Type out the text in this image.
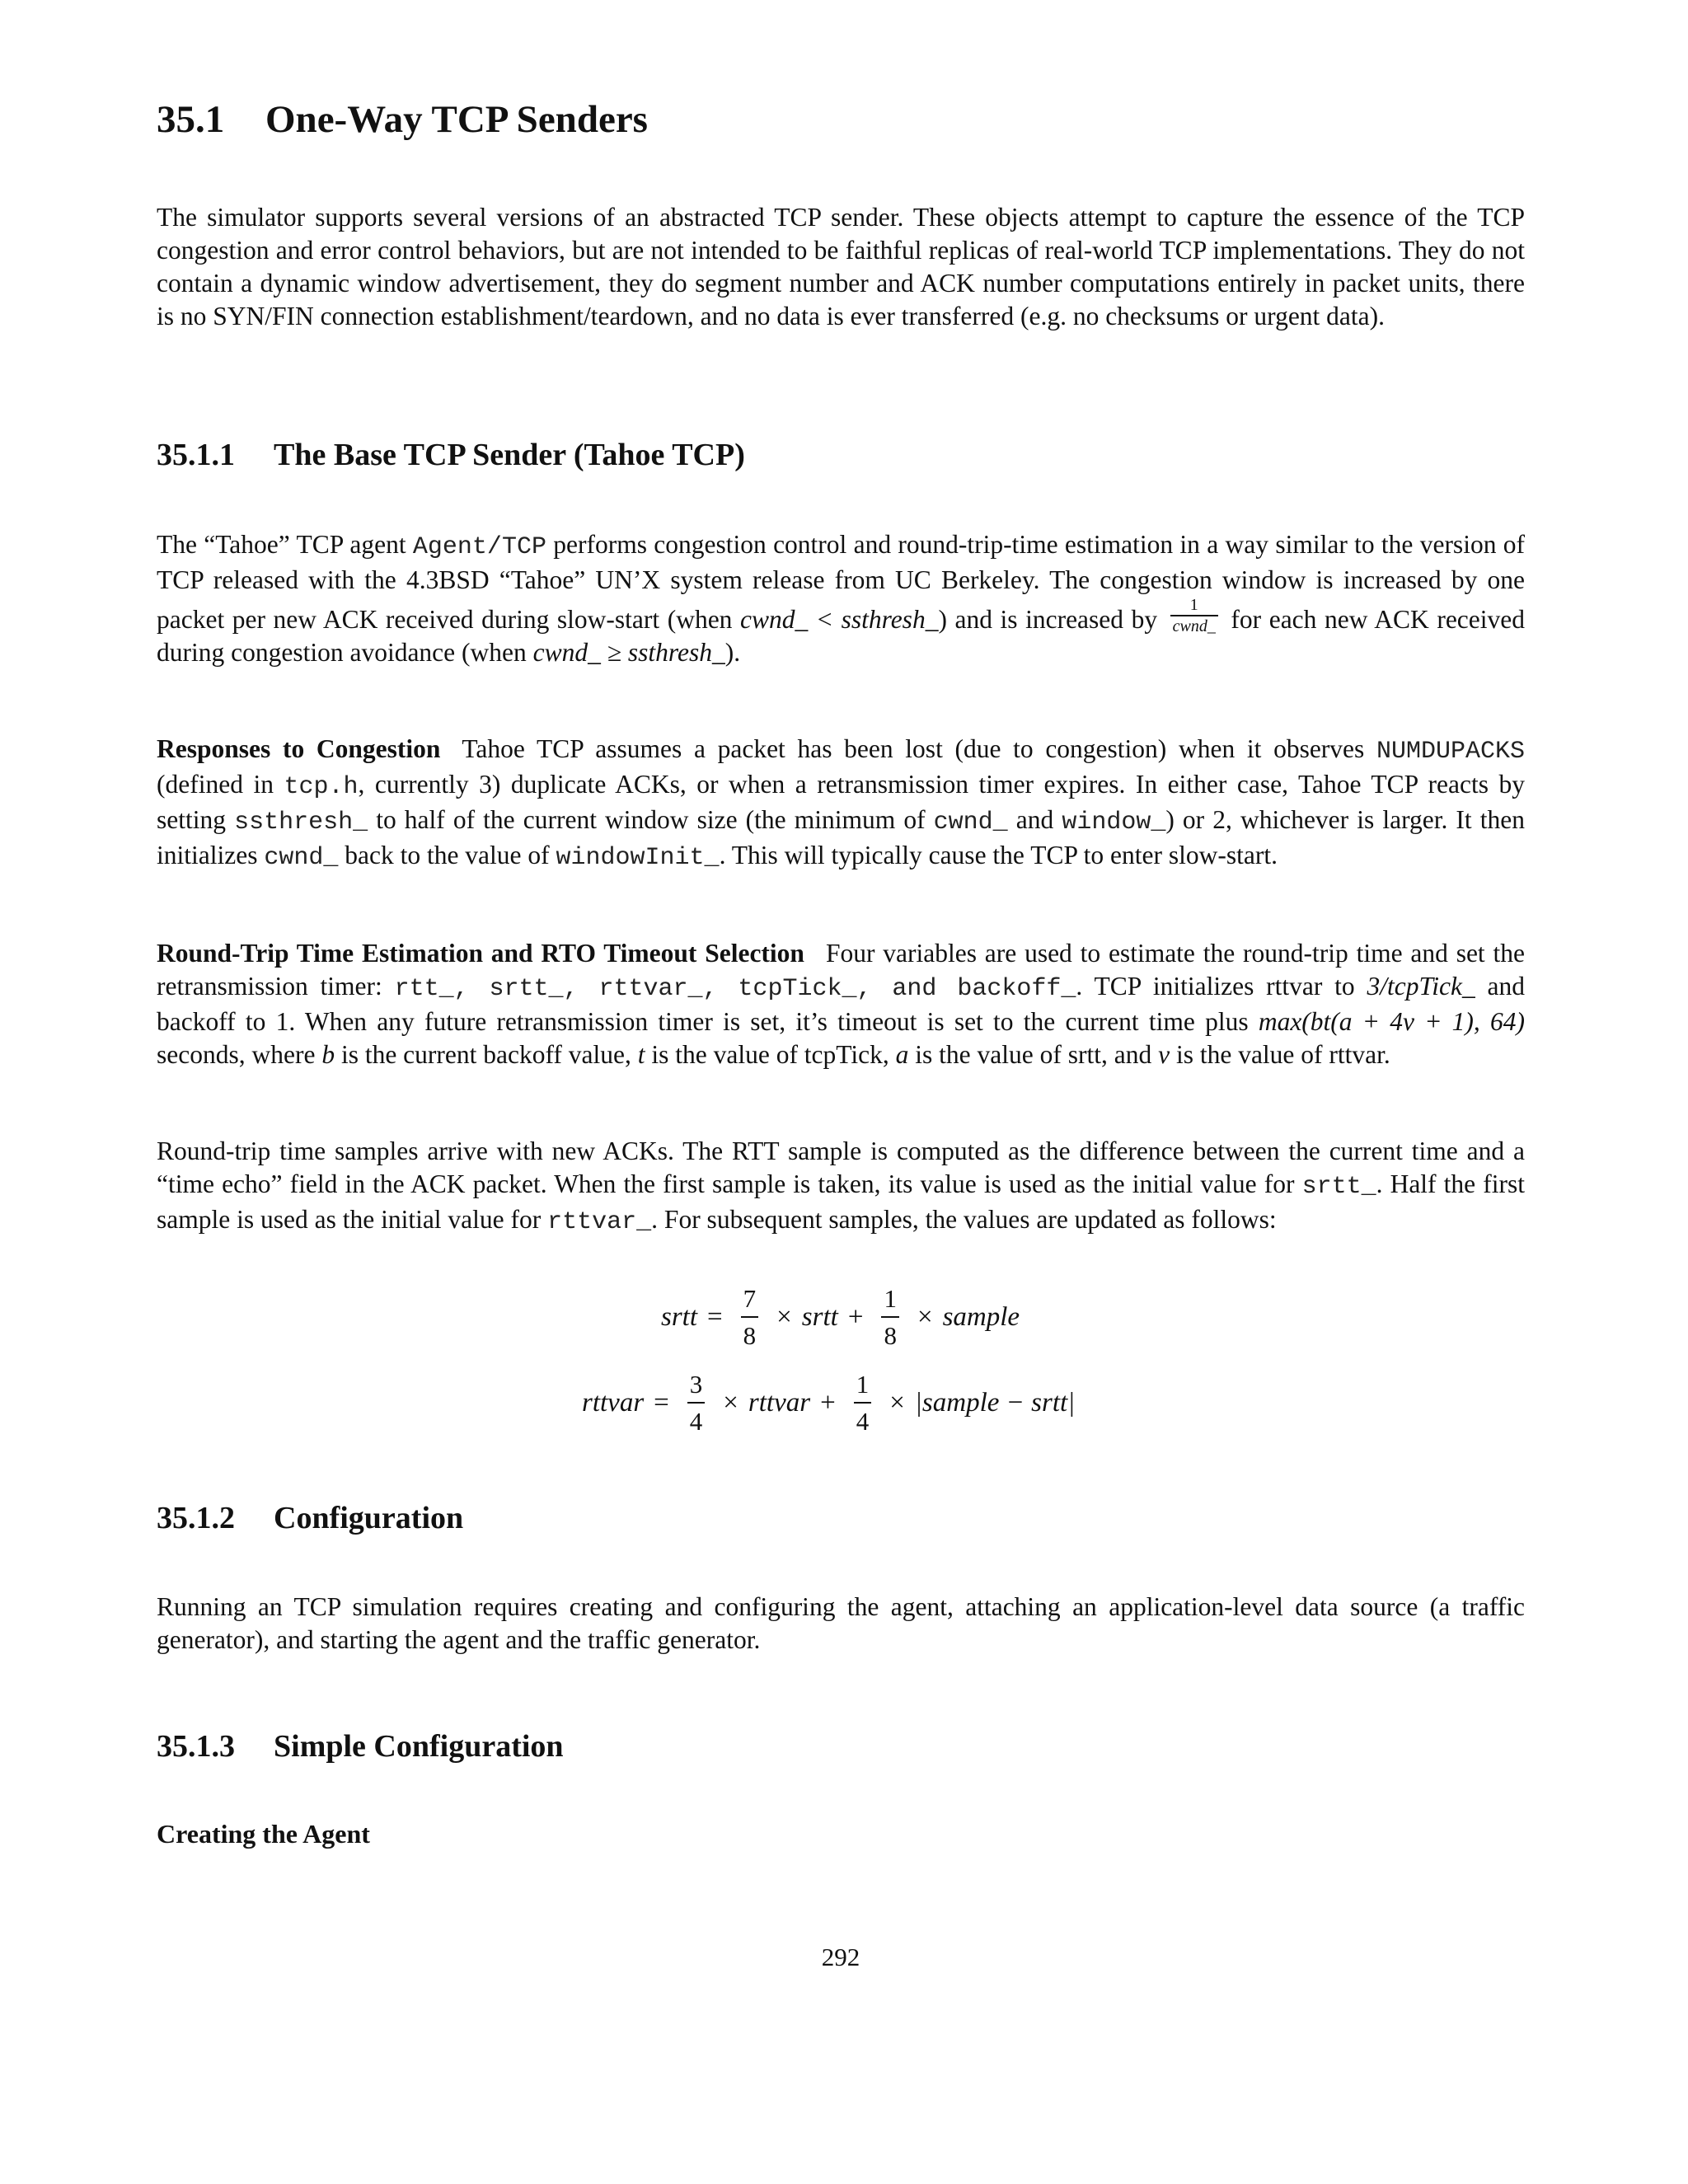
35.1 One-Way TCP Senders

The simulator supports several versions of an abstracted TCP sender. These objects attempt to capture the essence of the TCP congestion and error control behaviors, but are not intended to be faithful replicas of real-world TCP implementations. They do not contain a dynamic window advertisement, they do segment number and ACK number computations entirely in packet units, there is no SYN/FIN connection establishment/teardown, and no data is ever transferred (e.g. no checksums or urgent data).

35.1.1 The Base TCP Sender (Tahoe TCP)

The “Tahoe” TCP agent Agent/TCP performs congestion control and round-trip-time estimation in a way similar to the version of TCP released with the 4.3BSD “Tahoe” UN’X system release from UC Berkeley. The congestion window is increased by one packet per new ACK received during slow-start (when cwnd_ < ssthresh_) and is increased by $\frac{1}{\text{cwnd\_}}$ for each new ACK received during congestion avoidance (when cwnd_ ≥ ssthresh_).

Responses to Congestion Tahoe TCP assumes a packet has been lost (due to congestion) when it observes NUMDUPACKS (defined in tcp.h, currently 3) duplicate ACKs, or when a retransmission timer expires. In either case, Tahoe TCP reacts by setting ssthresh_ to half of the current window size (the minimum of cwnd_ and window_) or 2, whichever is larger. It then initializes cwnd_ back to the value of windowInit_. This will typically cause the TCP to enter slow-start.

Round-Trip Time Estimation and RTO Timeout Selection Four variables are used to estimate the round-trip time and set the retransmission timer: rtt_, srtt_, rttvar_, tcpTick_, and backoff_. TCP initializes rttvar to 3/tcpTick_ and backoff to 1. When any future retransmission timer is set, it’s timeout is set to the current time plus max(bt(a + 4v + 1), 64) seconds, where b is the current backoff value, t is the value of tcpTick, a is the value of srtt, and v is the value of rttvar.

Round-trip time samples arrive with new ACKs. The RTT sample is computed as the difference between the current time and a “time echo” field in the ACK packet. When the first sample is taken, its value is used as the initial value for srtt_. Half the first sample is used as the initial value for rttvar_. For subsequent samples, the values are updated as follows:

srtt = $\frac{7}{8}$ × srtt + $\frac{1}{8}$ × sample
rttvar = $\frac{3}{4}$ × rttvar + $\frac{1}{4}$ × |sample − srtt|
35.1.2 Configuration

Running an TCP simulation requires creating and configuring the agent, attaching an application-level data source (a traffic generator), and starting the agent and the traffic generator.

35.1.3 Simple Configuration

Creating the Agent

292
